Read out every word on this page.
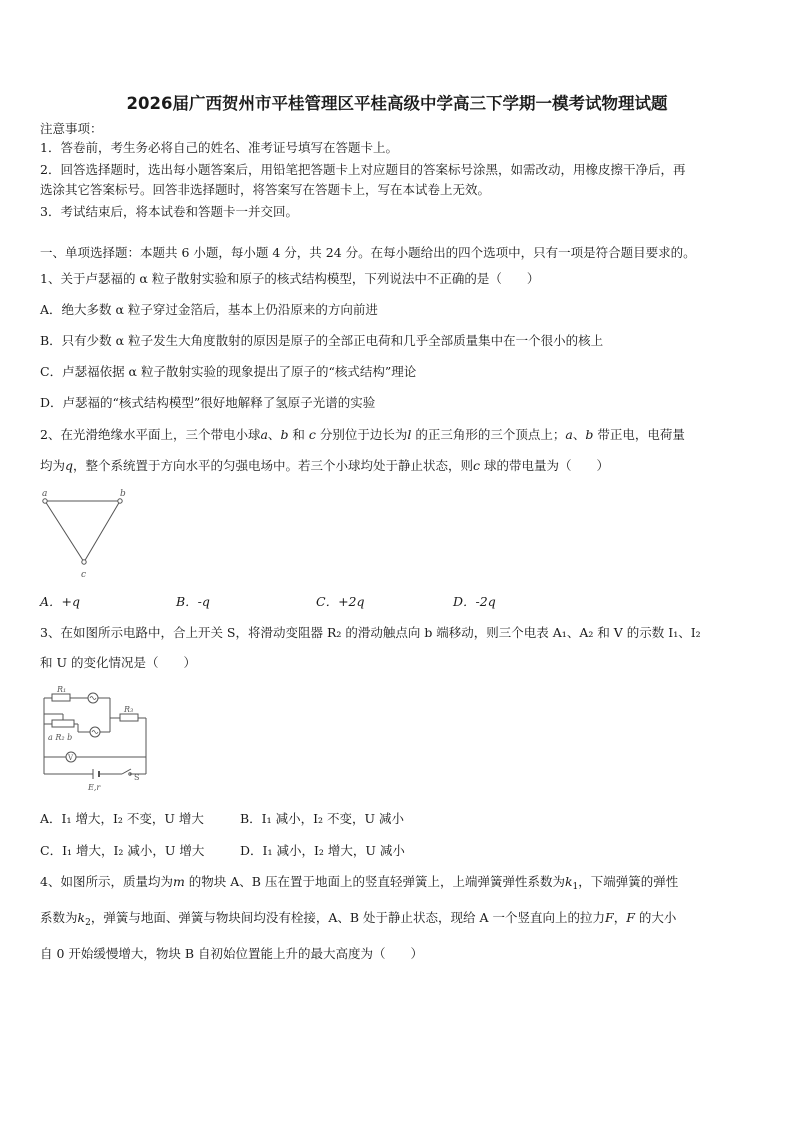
2026届广西贺州市平桂管理区平桂高级中学高三下学期一模考试物理试题
注意事项：
1．答卷前，考生务必将自己的姓名、准考证号填写在答题卡上。
2．回答选择题时，选出每小题答案后，用铅笔把答题卡上对应题目的答案标号涂黑，如需改动，用橡皮擦干净后，再
选涂其它答案标号。回答非选择题时，将答案写在答题卡上，写在本试卷上无效。
3．考试结束后，将本试卷和答题卡一并交回。
一、单项选择题：本题共 6 小题，每小题 4 分，共 24 分。在每小题给出的四个选项中，只有一项是符合题目要求的。
1、关于卢瑟福的 α 粒子散射实验和原子的核式结构模型，下列说法中不正确的是（　　）
A．绝大多数 α 粒子穿过金箔后，基本上仍沿原来的方向前进
B．只有少数 α 粒子发生大角度散射的原因是原子的全部正电荷和几乎全部质量集中在一个很小的核上
C．卢瑟福依据 α 粒子散射实验的现象提出了原子的“核式结构”理论
D．卢瑟福的“核式结构模型”很好地解释了氢原子光谱的实验
2、在光滑绝缘水平面上，三个带电小球a、b 和 c 分别位于边长为l 的正三角形的三个顶点上；a、b 带正电，电荷量
均为q，整个系统置于方向水平的匀强电场中。若三个小球均处于静止状态，则c 球的带电量为（　　）
a	b
c
A．+q	B．-q	C．+2q	D．-2q
3、在如图所示电路中，合上开关 S，将滑动变阻器 R₂ 的滑动触点向 b 端移动，则三个电表 A₁、A₂ 和 V 的示数 I₁、I₂
和 U 的变化情况是（　　）
R₁
R₃
a R₂ b
V
S
E,r
A．I₁ 增大，I₂ 不变，U 增大	B．I₁ 减小，I₂ 不变，U 减小
C．I₁ 增大，I₂ 减小，U 增大	D．I₁ 减小，I₂ 增大，U 减小
4、如图所示，质量均为m 的物块 A、B 压在置于地面上的竖直轻弹簧上，上端弹簧弹性系数为$k_1$，下端弹簧的弹性
系数为$k_2$，弹簧与地面、弹簧与物块间均没有栓接，A、B 处于静止状态，现给 A 一个竖直向上的拉力F，F 的大小
自 0 开始缓慢增大，物块 B 自初始位置能上升的最大高度为（　　）
